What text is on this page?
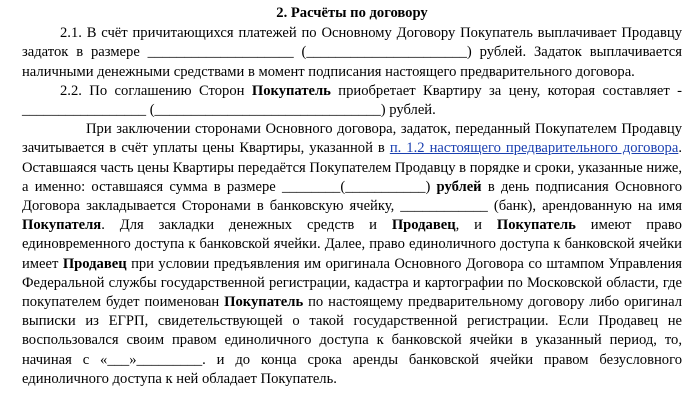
2. Расчёты по договору

2.1. В счёт причитающихся платежей по Основному Договору Покупатель выплачивает Продавцу задаток в размере ____________________ (______________________) рублей. Задаток выплачивается наличными денежными средствами в момент подписания настоящего предварительного договора.

2.2. По соглашению Сторон Покупатель приобретает Квартиру за цену, которая составляет - _________________ (_______________________________) рублей.

При заключении сторонами Основного договора, задаток, переданный Покупателем Продавцу зачитывается в счёт уплаты цены Квартиры, указанной в п. 1.2 настоящего предварительного договора. Оставшаяся часть цены Квартиры передаётся Покупателем Продавцу в порядке и сроки, указанные ниже, а именно: оставшаяся сумма в размере ________(___________) рублей в день подписания Основного Договора закладывается Сторонами в банковскую ячейку, ____________ (банк), арендованную на имя Покупателя. Для закладки денежных средств и Продавец, и Покупатель имеют право единовременного доступа к банковской ячейки. Далее, право единоличного доступа к банковской ячейки имеет Продавец при условии предъявления им оригинала Основного Договора со штампом Управления Федеральной службы государственной регистрации, кадастра и картографии по Московской области, где покупателем будет поименован Покупатель по настоящему предварительному договору либо оригинал выписки из ЕГРП, свидетельствующей о такой государственной регистрации. Если Продавец не воспользовался своим правом единоличного доступа к банковской ячейки в указанный период, то, начиная с «___»_________. и до конца срока аренды банковской ячейки правом безусловного единоличного доступа к ней обладает Покупатель.
